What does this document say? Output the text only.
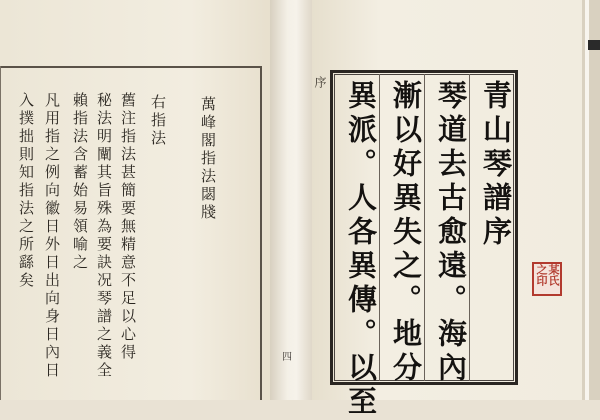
萬峰閣指法閟牋
右指法
舊注指法甚簡要無精意不足以心得
秘法明闡其旨殊為要訣况琴譜之義全
賴指法含蓄始易領喻之
凡用指之例向徽日外日出向身日內日
入撲拙則知指法之所繇矣
四
序	青山琴譜序
琴道去古愈遠。海內
漸以好異失之。地分
異派。人各異傳。以至	某氏之印
